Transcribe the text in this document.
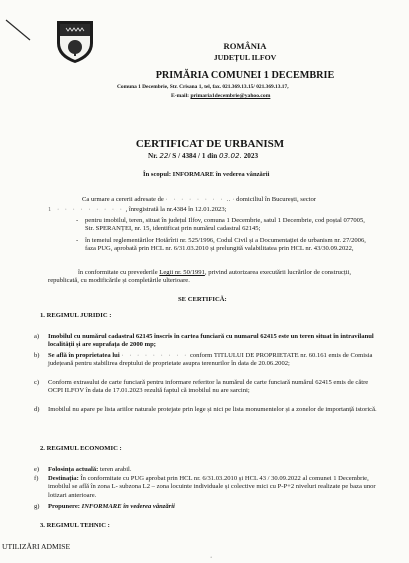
ROMÂNIA
JUDEȚUL ILFOV
PRIMĂRIA COMUNEI 1 DECEMBRIE
Comuna 1 Decembrie, Str. Crisana 1, tel, fax. 021.369.13.15/ 021.369.13.17,
E-mail: primaria1decembrie@yahoo.com
CERTIFICAT DE URBANISM
Nr. 22/ S / 4384 / 1 din 03.02. 2023
În scopul: INFORMARE în vederea vânzării
Ca urmare a cererii adresate de · · · · · · · · ‥ · domiciliul în București, sector
1 · · · · · · · · · , înregistrată la nr.4384 în 12.01.2023;
- pentru imobilul, teren, situat în județul Ilfov, comuna 1 Decembrie, satul 1 Decembrie, cod poștal 077005, Str. SPERANȚEI, nr. 15, identificat prin numărul cadastral 62145;
- în temeiul reglementărilor Hotărîrii nr. 525/1996, Codul Civil și a Documentației de urbanism nr. 27/2006, faza PUG, aprobată prin HCL nr. 6/31.03.2010 și prelungită valabilitatea prin HCL nr. 43/30.09.2022,
în conformitate cu prevederile Legii nr. 50/1991, privind autorizarea executării lucrărilor de construcții, republicată, cu modificările și completările ulterioare.
SE CERTIFICĂ:
1. REGIMUL JURIDIC :
a) Imobilul cu numărul cadastral 62145 înscris în cartea funciară cu numarul 62415 este un teren situat în intravilanul localității și are suprafața de 2000 mp;
b) Se află în proprietatea lui · · · · · · · · · conform TITLULUI DE PROPRIETATE nr. 60.161 emis de Comisia județeană pentru stabilirea dreptului de proprietate asupra terenurilor în data de 20.06.2002;
c) Conform extrasului de carte funciară pentru informare referitor la numărul de carte funciară numărul 62415 emis de către OCPI ILFOV în data de 17.01.2023 rezultă faptul că imobilul nu are sarcini;
d) Imobilul nu apare pe lista ariilor naturale protejate prin lege și nici pe lista monumentelor și a zonelor de importanță istorică.
2. REGIMUL ECONOMIC :
e) Folosința actuală: teren arabil.
f) Destinația: În conformitate cu PUG aprobat prin HCL nr. 6/31.03.2010 și HCL 43 / 30.09.2022 al comunei 1 Decembrie, imobilul se află în zona L- subzona L2 – zona locuinte individuale și colective mici cu P-P+2 niveluri realizate pe baza unor lotizari anterioare.
g) Propunere: INFORMARE în vederea vânzării
3. REGIMUL TEHNIC :
UTILIZĂRI ADMISE
·
